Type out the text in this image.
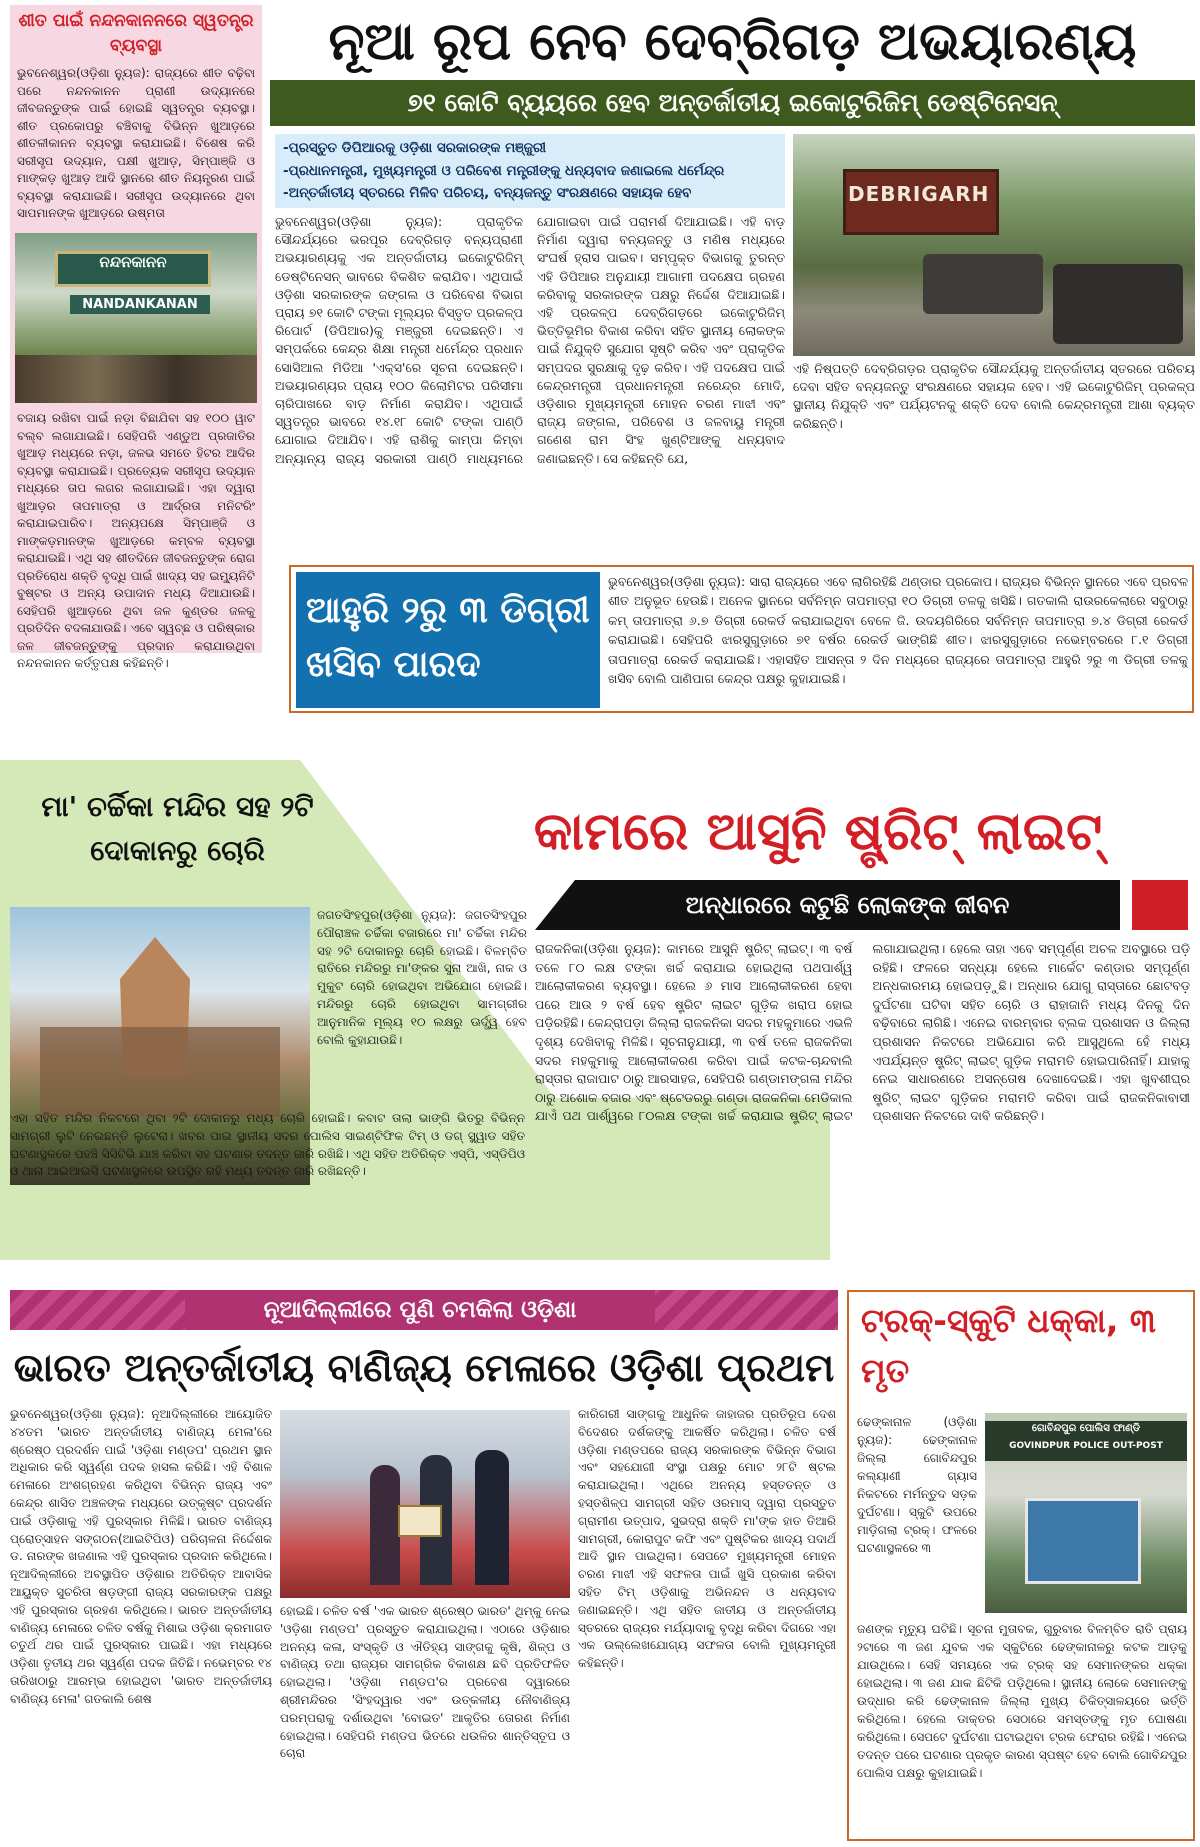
ଶୀତ ପାଇଁ ନନ୍ଦନକାନନରେ ସ୍ୱତନ୍ତ୍ର ବ୍ୟବସ୍ଥା
ଭୁବନେଶ୍ୱର(ଓଡ଼ିଶା ନ୍ୟୁଜ): ରାଜ୍ୟରେ ଶୀତ ବଢ଼ିବା ପରେ ନନ୍ଦନକାନନ ପ୍ରାଣୀ ଉଦ୍ୟାନରେ ଜୀବଜନ୍ତୁଙ୍କ ପାଇଁ ହୋଇଛି ସ୍ୱତନ୍ତ୍ର ବ୍ୟବସ୍ଥା। ଶୀତ ପ୍ରକୋପରୁ ବଞ୍ଚିବାକୁ ବିଭିନ୍ନ ଖୁଆଡ଼ରେ ଶୀତଳୀକାନନ ବ୍ୟବସ୍ଥା କରାଯାଇଛି। ବିଶେଷ କରି ସରୀସୃପ ଉଦ୍ୟାନ, ପକ୍ଷୀ ଖୁଆଡ଼, ସିମ୍ପାଞ୍ଜି ଓ ମାଙ୍କଡ଼ ଖୁଆଡ଼ ଆଦି ସ୍ଥାନରେ ଶୀତ ନିୟନ୍ତ୍ରଣ ପାଇଁ ବ୍ୟବସ୍ଥା କରାଯାଇଛି। ସରୀସୃପ ଉଦ୍ୟାନରେ ଥିବା ସାପମାନଙ୍କ ଖୁଆଡ଼ରେ ଉଷ୍ମତା
ନନ୍ଦନକାନନ
NANDANKANAN
ବଜାୟ ରଖିବା ପାଇଁ ନଡ଼ା ବିଛାଯିବା ସହ ୧୦୦ ୱାଟ ବଲ୍ବ ଲଗାଯାଇଛି। ସେହିପରି ଏଣ୍ଡୁଅ ପ୍ରଜାତିର ଖୁଆଡ଼ ମଧ୍ୟରେ ନଡ଼ା, ଜଳଭ ସମତେ ହିଟର ଆଦିର ବ୍ୟବସ୍ଥା କରାଯାଇଛି। ପ୍ରତ୍ୟେକ ସରୀସୃପ ଉଦ୍ୟାନ ମଧ୍ୟରେ ତାପ ଲଗର ଲଗାଯାଇଛି। ଏହା ଦ୍ୱାରା ଖୁଆଡ଼ର ତାପମାତ୍ରା ଓ ଆର୍ଦ୍ରତା ମନିଟରିଂ କରାଯାଇପାରିବ। ଅନ୍ୟପକ୍ଷେ ସିମ୍ପାଞ୍ଜି ଓ ମାଙ୍କଡ଼ମାନଙ୍କ ଖୁଆଡ଼ରେ କମ୍ବଳ ବ୍ୟବସ୍ଥା କରାଯାଇଛି। ଏଥି ସହ ଶୀତଦିନେ ଜୀବଜନ୍ତୁଙ୍କ ରୋଗ ପ୍ରତିରୋଧ ଶକ୍ତି ବୃଦ୍ଧି ପାଇଁ ଖାଦ୍ୟ ସହ ଇମ୍ୟୁନିଟି ବୁଷ୍ଟର ଓ ଅନ୍ୟ ଉପାଦାନ ମଧ୍ୟ ଦିଆଯାଉଛି। ସେହିପରି ଖୁଆଡ଼ରେ ଥିବା ଜଳ କୁଣ୍ଡର ଜଳକୁ ପ୍ରତିଦିନ ବଦଳାଯାଉଛି। ଏବେ ସ୍ୱଚ୍ଛ ଓ ପରିଷ୍କାର ଜଳ ଜୀବଜନ୍ତୁଙ୍କୁ ପ୍ରଦାନ କରାଯାଉଥିବା ନନ୍ଦନକାନନ କର୍ତ୍ତୃପକ୍ଷ କହିଛନ୍ତି।
ନୂଆ ରୂପ ନେବ ଦେବ୍ରିଗଡ଼ ଅଭୟାରଣ୍ୟ
୭୧ କୋଟି ବ୍ୟୟରେ ହେବ ଅନ୍ତର୍ଜାତୀୟ ଇକୋଟୁରିଜିମ୍ ଡେଷ୍ଟିନେସନ୍
-ପ୍ରସ୍ତୁତ ଡିପିଆରକୁ ଓଡ଼ିଶା ସରକାରଙ୍କ ମଞ୍ଜୁରୀ
-ପ୍ରଧାନମନ୍ତ୍ରୀ, ମୁଖ୍ୟମନ୍ତ୍ରୀ ଓ ପରିବେଶ ମନ୍ତ୍ରୀଙ୍କୁ ଧନ୍ୟବାଦ ଜଣାଇଲେ ଧର୍ମେନ୍ଦ୍ର
-ଅନ୍ତର୍ଜାତୀୟ ସ୍ତରରେ ମିଳିବ ପରିଚୟ, ବନ୍ୟଜନ୍ତୁ ସଂରକ୍ଷଣରେ ସହାୟକ ହେବ
ଭୁବନେଶ୍ୱର(ଓଡ଼ିଶା ନ୍ୟୁଜ): ପ୍ରାକୃତିକ ସୌନ୍ଦର୍ଯ୍ୟରେ ଭରପୂର ଦେବ୍ରିଗଡ଼ ବନ୍ୟପ୍ରାଣୀ ଅଭୟାରଣ୍ୟକୁ ଏକ ଅନ୍ତର୍ଜାତୀୟ ଇକୋଟୁରିଜିମ୍ ଡେଷ୍ଟିନେସନ୍ ଭାବରେ ବିକଶିତ କରାଯିବ। ଏଥିପାଇଁ ଓଡ଼ିଶା ସରକାରଙ୍କ ଜଙ୍ଗଲ ଓ ପରିବେଶ ବିଭାଗ ପ୍ରାୟ ୭୧ କୋଟି ଟଙ୍କା ମୂଲ୍ୟର ବିସ୍ତୃତ ପ୍ରକଳ୍ପ ରିପୋର୍ଟ (ଡିପିଆର)କୁ ମଞ୍ଜୁରୀ ଦେଇଛନ୍ତି। ଏ ସମ୍ପର୍କରେ କେନ୍ଦ୍ର ଶିକ୍ଷା ମନ୍ତ୍ରୀ ଧର୍ମେନ୍ଦ୍ର ପ୍ରଧାନ ସୋସିଆଲ ମିଡିଆ 'ଏକ୍ସ'ରେ ସୂଚନା ଦେଇଛନ୍ତି। ଅଭୟାରଣ୍ୟର ପ୍ରାୟ ୧୦୦ କିଲୋମିଟର ପରିସୀମା ଚାରିପାଖରେ ବାଡ଼ ନିର୍ମାଣ କରାଯିବ। ଏଥିପାଇଁ ସ୍ୱତନ୍ତ୍ର ଭାବରେ ୧୪.୧୮ କୋଟି ଟଙ୍କା ପାଣ୍ଠି ଯୋଗାଇ ଦିଆଯିବ। ଏହି ରାଶିକୁ କାମ୍ପା କିମ୍ବା ଅନ୍ୟାନ୍ୟ ରାଜ୍ୟ ସରକାରୀ ପାଣ୍ଠି ମାଧ୍ୟମରେ ଯୋଗାଇବା ପାଇଁ ପରାମର୍ଶ ଦିଆଯାଇଛି। ଏହି ବାଡ଼ ନିର୍ମାଣ ଦ୍ୱାରା ବନ୍ୟଜନ୍ତୁ ଓ ମଣିଷ ମଧ୍ୟରେ ସଂଘର୍ଷ ହ୍ରାସ ପାଇବ। ସମ୍ପୃକ୍ତ ବିଭାଗକୁ ତୁରନ୍ତ ଏହି ଡିପିଆର ଅନୁଯାୟୀ ଆଗାମୀ ପଦକ୍ଷେପ ଗ୍ରହଣ କରିବାକୁ ସରକାରଙ୍କ ପକ୍ଷରୁ ନିର୍ଦ୍ଦେଶ ଦିଆଯାଇଛି। ଏହି ପ୍ରକଳ୍ପ ଦେବ୍ରିଗଡ଼ରେ ଇକୋଟୁରିଜିମ୍ ଭିତ୍ତିଭୂମିର ବିକାଶ କରିବା ସହିତ ସ୍ଥାନୀୟ ଲୋକଙ୍କ ପାଇଁ ନିଯୁକ୍ତି ସୁଯୋଗ ସୃଷ୍ଟି କରିବ ଏବଂ ପ୍ରାକୃତିକ ସମ୍ପଦର ସୁରକ୍ଷାକୁ ଦୃଢ଼ କରିବ। ଏହି ପଦକ୍ଷେପ ପାଇଁ କେନ୍ଦ୍ରମନ୍ତ୍ରୀ ପ୍ରଧାନମନ୍ତ୍ରୀ ନରେନ୍ଦ୍ର ମୋଦି, ଓଡ଼ିଶାର ମୁଖ୍ୟମନ୍ତ୍ରୀ ମୋହନ ଚରଣ ମାଝୀ ଏବଂ ରାଜ୍ୟ ଜଙ୍ଗଲ, ପରିବେଶ ଓ ଜଳବାୟୁ ମନ୍ତ୍ରୀ ଗଣେଶ ରାମ ସିଂହ ଖୁଣ୍ଟିଆଙ୍କୁ ଧନ୍ୟବାଦ ଜଣାଇଛନ୍ତି। ସେ କହିଛନ୍ତି ଯେ,
DEBRIGARH
ଏହି ନିଷ୍ପତ୍ତି ଦେବ୍ରିଗଡ଼ର ପ୍ରାକୃତିକ ସୌନ୍ଦର୍ଯ୍ୟକୁ ଅନ୍ତର୍ଜାତୀୟ ସ୍ତରରେ ପରିଚୟ ଦେବା ସହିତ ବନ୍ୟଜନ୍ତୁ ସଂରକ୍ଷଣରେ ସହାୟକ ହେବ। ଏହି ଇକୋଟୁରିଜିମ୍ ପ୍ରକଳ୍ପ ସ୍ଥାନୀୟ ନିଯୁକ୍ତି ଏବଂ ପର୍ଯ୍ୟଟନକୁ ଶକ୍ତି ଦେବ ବୋଲି କେନ୍ଦ୍ରମନ୍ତ୍ରୀ ଆଶା ବ୍ୟକ୍ତ କରିଛନ୍ତି।
ଆହୁରି ୨ରୁ ୩ ଡିଗ୍ରୀ ଖସିବ ପାରଦ
ଭୁବନେଶ୍ୱର(ଓଡ଼ିଶା ନ୍ୟୁଜ): ସାରା ରାଜ୍ୟରେ ଏବେ ଲାଗିରହିଛି ଥଣ୍ଡାର ପ୍ରକୋପ। ରାଜ୍ୟର ବିଭିନ୍ନ ସ୍ଥାନରେ ଏବେ ପ୍ରବଳ ଶୀତ ଅନୁଭୂତ ହେଉଛି। ଅନେକ ସ୍ଥାନରେ ସର୍ବନିମ୍ନ ତାପମାତ୍ରା ୧୦ ଡିଗ୍ରୀ ତଳକୁ ଖସିଛି। ଗତକାଲି ରାଉରକେଲାରେ ସବୁଠାରୁ କମ୍ ତାପମାତ୍ରା ୬.୭ ଡିଗ୍ରୀ ରେକର୍ଡ କରାଯାଇଥିବା ବେଳେ ଜି. ଉଦୟଗିରିରେ ସର୍ବନିମ୍ନ ତାପମାତ୍ରା ୭.୪ ଡିଗ୍ରୀ ରେକର୍ଡ କରାଯାଇଛି। ସେହିପରି ଝାରସୁଗୁଡ଼ାରେ ୭୧ ବର୍ଷର ରେକର୍ଡ ଭାଙ୍ଗିଛି ଶୀତ। ଝାରସୁଗୁଡ଼ାରେ ନଭେମ୍ବରରେ ୮.୧ ଡିଗ୍ରୀ ତାପମାତ୍ରା ରେକର୍ଡ କରାଯାଇଛି। ଏହାସହିତ ଆସନ୍ତା ୨ ଦିନ ମଧ୍ୟରେ ରାଜ୍ୟରେ ତାପମାତ୍ରା ଆହୁରି ୨ରୁ ୩ ଡିଗ୍ରୀ ତଳକୁ ଖସିବ ବୋଲି ପାଣିପାଗ କେନ୍ଦ୍ର ପକ୍ଷରୁ କୁହାଯାଇଛି।
ମା' ଚର୍ଚ୍ଚିକା ମନ୍ଦିର ସହ ୨ଟି ଦୋକାନରୁ ଚୋରି
ଜଗତସିଂହପୁର(ଓଡ଼ିଶା ନ୍ୟୁଜ): ଜଗତସିଂହପୁର ପୌରାଞ୍ଚଳ ଚର୍ଚ୍ଚିକା ବଜାରରେ ମା' ଚର୍ଚ୍ଚିକା ମନ୍ଦିର ସହ ୨ଟି ଦୋକାନରୁ ଚୋରି ହୋଇଛି। ବିଳମ୍ବିତ ରାତିରେ ମନ୍ଦିରରୁ ମା'ଙ୍କର ସୁନା ଆଖି, ନାକ ଓ ମୁକୁଟ ଚୋରି ହୋଇଥିବା ଅଭିଯୋଗ ହୋଇଛି। ମନ୍ଦିରରୁ ଚୋରି ହୋଇଥିବା ସାମଗ୍ରୀର ଆନୁମାନିକ ମୂଲ୍ୟ ୧୦ ଲକ୍ଷରୁ ଊର୍ଦ୍ଧ୍ୱ ହେବ ବୋଲି କୁହାଯାଉଛି।
ଏହା ସହିତ ମନ୍ଦିର ନିକଟରେ ଥିବା ୨ଟି ଦୋକାନରୁ ମଧ୍ୟ ଚୋରି ହୋଇଛି। କବାଟ ତାଲା ଭାଙ୍ଗି ଭିତରୁ ବିଭିନ୍ନ ସାମଗ୍ରୀ ଲୁଟି ନେଇଛନ୍ତି ଲୁଟେରା। ଖବର ପାଇ ସ୍ଥାନୀୟ ସଦର ପୋଲିସ ସାଇଣ୍ଟିଫିକ ଟିମ୍ ଓ ଡଗ୍ ସ୍କ୍ୱାଡ ସହିତ ଘଟଣାସ୍ଥଳରେ ପହଞ୍ଚି ସିସିଟିଭି ଯାଞ୍ଚ କରିବା ସହ ଘଟଣାର ତଦନ୍ତ ଜାରି ରଖିଛି। ଏଥି ସହିତ ଅତିରିକ୍ତ ଏସ୍‌ପି, ଏସ୍‌ଡିପିଓ ଓ ଥାନା ଆଇଆଇସି ଘଟଣାସ୍ଥଳରେ ଉପସ୍ଥିତ ରହି ମଧ୍ୟ ତଦନ୍ତ ଜାରି ରଖିଛନ୍ତି।
କାମରେ ଆସୁନି ଷ୍ଟ୍ରିଟ୍ ଲାଇଟ୍
ଅନ୍ଧାରରେ କଟୁଛି ଲୋକଙ୍କ ଜୀବନ
ରାଜକନିକା(ଓଡ଼ିଶା ନ୍ୟୁଜ): କାମରେ ଆସୁନି ଷ୍ଟ୍ରିଟ୍ ଲାଇଟ୍। ୩ ବର୍ଷ ତଳେ ୮୦ ଲକ୍ଷ ଟଙ୍କା ଖର୍ଚ୍ଚ କରାଯାଇ ହୋଇଥିଲା ପଥପାର୍ଶ୍ୱ ଆଲୋକୀକରଣ ବ୍ୟବସ୍ଥା। ହେଲେ ୬ ମାସ ଆଲୋକୀକରଣ ହେବା ପରେ ଆଉ ୨ ବର୍ଷ ହେବ ଷ୍ଟ୍ରିଟ ଲାଇଟ ଗୁଡ଼ିକ ଖରାପ ହୋଇ ପଡ଼ିରହିଛି। କେନ୍ଦ୍ରାପଡ଼ା ଜିଲ୍ଲା ରାଜକନିକା ସଦର ମହକୁମାରେ ଏଭଳି ଦୃଶ୍ୟ ଦେଖିବାକୁ ମିଳିଛି। ସୂଚନାନୁଯାୟୀ, ୩ ବର୍ଷ ତଳେ ରାଜକନିକା ସଦର ମହକୁମାକୁ ଆଲୋକୀକରଣ କରିବା ପାଇଁ କଟକ-ଚାନ୍ଦବାଲି ରାସ୍ତାର ରାଜାପାଟ ଠାରୁ ଆରସାହଜ, ସେହିପରି ଗଣ୍ଡାମଙ୍ଗଳା ମନ୍ଦିର ଠାରୁ ଅଶୋକ ବଜାର ଏବଂ ଷ୍ଟେଡରରୁ ଗଣ୍ଡା ରାଜକନିକା ମେଡିକାଲ ଯାଏଁ ପଥ ପାର୍ଶ୍ୱରେ ୮୦ଲକ୍ଷ ଟଙ୍କା ଖର୍ଚ୍ଚ କରାଯାଇ ଷ୍ଟ୍ରିଟ୍ ଲାଇଟ ଲଗାଯାଇଥିଲା। ହେଲେ ତାହା ଏବେ ସମ୍ପୂର୍ଣ୍ଣ ଅଚଳ ଅବସ୍ଥାରେ ପଡ଼ି ରହିଛି। ଫଳରେ ସନ୍ଧ୍ୟା ହେଲେ ମାର୍କେଟ କଣ୍ଡାର ସମ୍ପୂର୍ଣ୍ଣ ଅନ୍ଧକାରମୟ ହୋଇପଡ଼ୁଛି। ଅନ୍ଧାର ଯୋଗୁ ରାସ୍ତାରେ ଛୋଟବଡ଼ ଦୁର୍ଘଟଣା ଘଟିବା ସହିତ ଚୋରି ଓ ରାହାଜାନି ମଧ୍ୟ ଦିନକୁ ଦିନ ବଢ଼ିବାରେ ଲାଗିଛି। ଏନେଇ ବାରମ୍ବାର ବ୍ଲକ ପ୍ରଶାସନ ଓ ଜିଲ୍ଲା ପ୍ରଶାସନ ନିକଟରେ ଅଭିଯୋଗ କରି ଆସୁଥିଲେ ହେଁ ମଧ୍ୟ ଏପର୍ଯ୍ୟନ୍ତ ଷ୍ଟ୍ରିଟ୍ ଲାଇଟ୍ ଗୁଡ଼ିକ ମରାମତି ହୋଇପାରିନାହିଁ। ଯାହାକୁ ନେଇ ସାଧାରଣରେ ଅସନ୍ତୋଷ ଦେଖାଦେଇଛି। ଏହା ଖୁବଶୀଘ୍ର ଷ୍ଟ୍ରିଟ୍ ଲାଇଟ ଗୁଡ଼ିକର ମରାମତି କରିବା ପାଇଁ ରାଜକନିକାବାସୀ ପ୍ରଶାସନ ନିକଟରେ ଦାବି କରିଛନ୍ତି।
ନୂଆଦିଲ୍ଲୀରେ ପୁଣି ଚମକିଲା ଓଡ଼ିଶା
ଭାରତ ଅନ୍ତର୍ଜାତୀୟ ବାଣିଜ୍ୟ ମେଳାରେ ଓଡ଼ିଶା ପ୍ରଥମ
ଭୁବନେଶ୍ୱର(ଓଡ଼ିଶା ନ୍ୟୁଜ): ନୂଆଦିଲ୍ଲୀରେ ଆୟୋଜିତ ୪୪ତମ 'ଭାରତ ଅନ୍ତର୍ଜାତୀୟ ବାଣିଜ୍ୟ ମେଳା'ରେ ଶ୍ରେଷ୍ଠ ପ୍ରଦର୍ଶନ ପାଇଁ 'ଓଡ଼ିଶା ମଣ୍ଡପ' ପ୍ରଥମ ସ୍ଥାନ ଅଧିକାର କରି ସ୍ୱର୍ଣ୍ଣ ପଦକ ହାସଲ କରିଛି। ଏହି ବିଶାଳ ମେଳାରେ ଅଂଶଗ୍ରହଣ କରିଥିବା ବିଭିନ୍ନ ରାଜ୍ୟ ଏବଂ କେନ୍ଦ୍ର ଶାସିତ ଅଞ୍ଚଳଙ୍କ ମଧ୍ୟରେ ଉତ୍କୃଷ୍ଟ ପ୍ରଦର୍ଶନ ପାଇଁ ଓଡ଼ିଶାକୁ ଏହି ପୁରସ୍କାର ମିଳିଛି। ଭାରତ ବାଣିଜ୍ୟ ପ୍ରୋତ୍ସାହନ ସଙ୍ଗଠନ(ଆଇଟିପିଓ) ପରିଚାଳନା ନିର୍ଦ୍ଦେଶକ ଡ. ନାରଙ୍କ ଖଜଣାଲ ଏହି ପୁରସ୍କାର ପ୍ରଦାନ କରିଥିଲେ। ନୂଆଦିଲ୍ଲୀରେ ଅବସ୍ଥାପିତ ଓଡ଼ିଶାର ଅତିରିକ୍ତ ଆବାସିକ ଆୟୁକ୍ତ ସୁଚରିତା ଷଡ଼ଙ୍ଗୀ ରାଜ୍ୟ ସରକାରଙ୍କ ପକ୍ଷରୁ ଏହି ପୁରସ୍କାର ଗ୍ରହଣ କରିଥିଲେ। ଭାରତ ଅନ୍ତର୍ଜାତୀୟ ବାଣିଜ୍ୟ ମେଳାରେ ଚଳିତ ବର୍ଷକୁ ମିଶାଇ ଓଡ଼ିଶା କ୍ରମାଗତ ଚତୁର୍ଥ ଥର ପାଇଁ ପୁରସ୍କାର ପାଇଛି। ଏହା ମଧ୍ୟରେ ଓଡ଼ିଶା ତୃତୀୟ ଥର ସ୍ୱର୍ଣ୍ଣ ପଦକ ଜିତିଛି। ନଭେମ୍ବର ୧୪ ତାରିଖଠାରୁ ଆରମ୍ଭ ହୋଇଥିବା 'ଭାରତ ଅନ୍ତର୍ଜାତୀୟ ବାଣିଜ୍ୟ ମେଳା' ଗତକାଲି ଶେଷ
ହୋଇଛି। ଚଳିତ ବର୍ଷ 'ଏକ ଭାରତ ଶ୍ରେଷ୍ଠ ଭାରତ' ଥିମ୍‌କୁ ନେଇ 'ଓଡ଼ିଶା ମଣ୍ଡପ' ପ୍ରସ୍ତୁତ କରାଯାଇଥିଲା। ଏଠାରେ ଓଡ଼ିଶାର ଅନନ୍ୟ କଳା, ସଂସ୍କୃତି ଓ ଐତିହ୍ୟ ସାଙ୍ଗକୁ କୃଷି, ଶିଳ୍ପ ଓ ବାଣିଜ୍ୟ ତଥା ରାଜ୍ୟର ସାମଗ୍ରିକ ବିକାଶକ୍ଷ ଛବି ପ୍ରତିଫଳିତ ହୋଇଥିଲା। 'ଓଡ଼ିଶା ମଣ୍ଡପ'ର ପ୍ରବେଶ ଦ୍ୱାରରେ ଶ୍ରୀମନ୍ଦିରର 'ସିଂହଦ୍ୱାର ଏବଂ ଉତ୍କଳୀୟ ନୌବାଣିଜ୍ୟ ପରମ୍ପରାକୁ ଦର୍ଶାଉଥିବା 'ବୋଇତ' ଆକୃତିର ତୋରଣ ନିର୍ମାଣ ହୋଇଥିଲା। ସେହିପରି ମଣ୍ଡପ ଭିତରେ ଧଉଳିର ଶାନ୍ତିସ୍ତୂପ ଓ ଚୋରା
କାରିଗରୀ ସାଙ୍ଗକୁ ଆଧୁନିକ ଜାହାଜର ପ୍ରତିରୂପ ଦେଶ ବିଦେଶର ଦର୍ଶକଙ୍କୁ ଆକର୍ଷିତ କରିଥିଲା। ଚଳିତ ବର୍ଷ ଓଡ଼ିଶା ମଣ୍ଡପରେ ରାଜ୍ୟ ସରକାରଙ୍କ ବିଭିନ୍ନ ବିଭାଗ ଏବଂ ସହଯୋଗୀ ସଂସ୍ଥା ପକ୍ଷରୁ ମୋଟ ୨୮ଟି ଷ୍ଟଲ କରାଯାଇଥିଲା। ଏଥିରେ ଅନନ୍ୟ ହସ୍ତତନ୍ତ ଓ ହସ୍ତଶିଳ୍ପ ସାମଗ୍ରୀ ସହିତ ଓରମାସ୍ ଦ୍ୱାରା ପ୍ରସ୍ତୁତ ଗ୍ରାମୀଣ ଉତ୍ପାଦ, ସୁଭଦ୍ରା ଶକ୍ତି ମା'ଙ୍କ ହାତ ତିଆରି ସାମଗ୍ରୀ, କୋରାପୁଟ କଫି ଏବଂ ପୁଷ୍ଟିକର ଖାଦ୍ୟ ପଦାର୍ଥ ଆଦି ସ୍ଥାନ ପାଇଥିଲା। ସେପଟେ ମୁଖ୍ୟମନ୍ତ୍ରୀ ମୋହନ ଚରଣ ମାଝୀ ଏହି ସଫଳତା ପାଇଁ ଖୁସି ପ୍ରକାଶ କରିବା ସହିତ ଟିମ୍ ଓଡ଼ିଶାକୁ ଅଭିନନ୍ଦନ ଓ ଧନ୍ୟବାଦ ଜଣାଇଛନ୍ତି। ଏଥି ସହିତ ଜାତୀୟ ଓ ଅନ୍ତର୍ଜାତୀୟ ସ୍ତରରେ ରାଜ୍ୟର ମର୍ଯ୍ୟାଦାକୁ ବୃଦ୍ଧି କରିବା ଦିଗରେ ଏହା ଏକ ଉଲ୍ଲେଖଯୋଗ୍ୟ ସଫଳତା ବୋଲି ମୁଖ୍ୟମନ୍ତ୍ରୀ କହିଛନ୍ତି।
ଟ୍ରକ୍-ସ୍କୁଟି ଧକ୍କା, ୩ ମୃତ
ଢେଙ୍କାନାଳ (ଓଡ଼ିଶା ନ୍ୟୁଜ): ଢେଙ୍କାନାଳ ଜିଲ୍ଲା ଗୋବିନ୍ଦପୁର କଲ୍ୟାଣୀ ଗ୍ୟାସ ନିକଟରେ ମର୍ମନ୍ତୁଦ ସଡ଼କ ଦୁର୍ଘଟଣା। ସ୍କୁଟି ଉପରେ ମାଡ଼ିଗଲା ଟ୍ରକ୍। ଫଳରେ ଘଟଣାସ୍ଥଳରେ ୩
ଗୋବିନ୍ଦପୁର ପୋଲିସ ଫାଣ୍ଡି
GOVINDPUR POLICE OUT-POST
ଜଣଙ୍କ ମୃତ୍ୟୁ ଘଟିଛି। ସୂଚନା ମୁତାବକ, ଗୁରୁବାର ବିଳମ୍ବିତ ରାତି ପ୍ରାୟ ୨ଟାରେ ୩ ଜଣ ଯୁବକ ଏକ ସ୍କୁଟିରେ ଢେଙ୍କାନାଳରୁ କଟକ ଆଡ଼କୁ ଯାଉଥିଲେ। ସେହି ସମୟରେ ଏକ ଟ୍ରକ୍ ସହ ସେମାନଙ୍କର ଧକ୍କା ହୋଇଥିଲା। ୩ ଜଣ ଯାକ ଛିଟିକି ପଡ଼ିଥିଲେ। ସ୍ଥାନୀୟ ଲୋକେ ସେମାନଙ୍କୁ ଉଦ୍ଧାର କରି ଢେଙ୍କାନାଳ ଜିଲ୍ଲା ମୁଖ୍ୟ ଚିକିତ୍ସାଳୟରେ ଭର୍ତ୍ତି କରିଥିଲେ। ହେଲେ ଡାକ୍ତର ସେଠାରେ ସମସ୍ତଙ୍କୁ ମୃତ ଘୋଷଣା କରିଥିଲେ। ସେପଟେ ଦୁର୍ଘଟଣା ଘଟାଇଥିବା ଟ୍ରକ ଫେରାର ରହିଛି। ଏନେଇ ତଦନ୍ତ ପରେ ଘଟଣାର ପ୍ରକୃତ କାରଣ ସ୍ପଷ୍ଟ ହେବ ବୋଲି ଗୋବିନ୍ଦପୁର ପୋଲିସ ପକ୍ଷରୁ କୁହାଯାଇଛି।
